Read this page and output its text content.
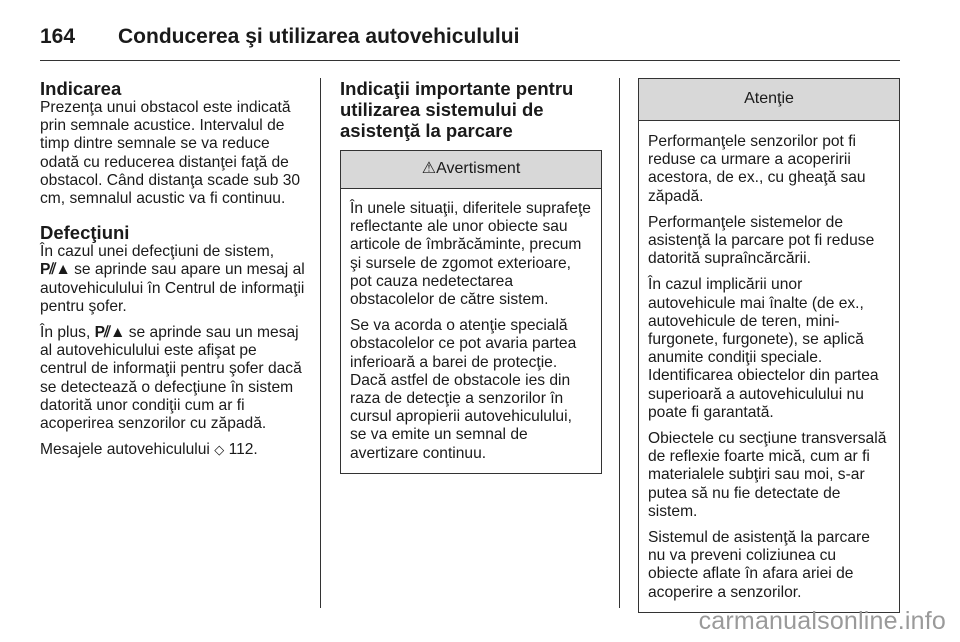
164	Conducerea şi utilizarea autovehiculului
Indicarea

Prezenţa unui obstacol este indicată prin semnale acustice. Intervalul de timp dintre semnale se va reduce odată cu reducerea distanţei faţă de obstacol. Când distanţa scade sub 30 cm, semnalul acustic va fi continuu.

Defecţiuni

În cazul unei defecţiuni de sistem, P⫽▲ se aprinde sau apare un mesaj al autovehiculului în Centrul de informaţii pentru şofer.

În plus, P⫽▲ se aprinde sau un mesaj al autovehiculului este afişat pe centrul de informaţii pentru şofer dacă se detectează o defecţiune în sistem datorită unor condiţii cum ar fi acoperirea senzorilor cu zăpadă.

Mesajele autovehiculului ◇ 112.

Indicaţii importante pentru utilizarea sistemului de asistenţă la parcare
⚠Avertisment

În unele situaţii, diferitele suprafeţe reflectante ale unor obiecte sau articole de îmbrăcăminte, precum şi sursele de zgomot exterioare, pot cauza nedetectarea obstacolelor de către sistem.

Se va acorda o atenţie specială obstacolelor ce pot avaria partea inferioară a barei de protecţie. Dacă astfel de obstacole ies din raza de detecţie a senzorilor în cursul apropierii autovehiculului, se va emite un semnal de avertizare continuu.

Atenţie

Performanţele senzorilor pot fi reduse ca urmare a acoperirii acestora, de ex., cu gheaţă sau zăpadă.

Performanţele sistemelor de asistenţă la parcare pot fi reduse datorită supraîncărcării.

În cazul implicării unor autovehicule mai înalte (de ex., autovehicule de teren, mini-furgonete, furgonete), se aplică anumite condiţii speciale. Identificarea obiectelor din partea superioară a autovehiculului nu poate fi garantată.

Obiectele cu secţiune transversală de reflexie foarte mică, cum ar fi materialele subţiri sau moi, s-ar putea să nu fie detectate de sistem.

Sistemul de asistenţă la parcare nu va preveni coliziunea cu obiecte aflate în afara ariei de acoperire a senzorilor.

carmanualsonline.info
